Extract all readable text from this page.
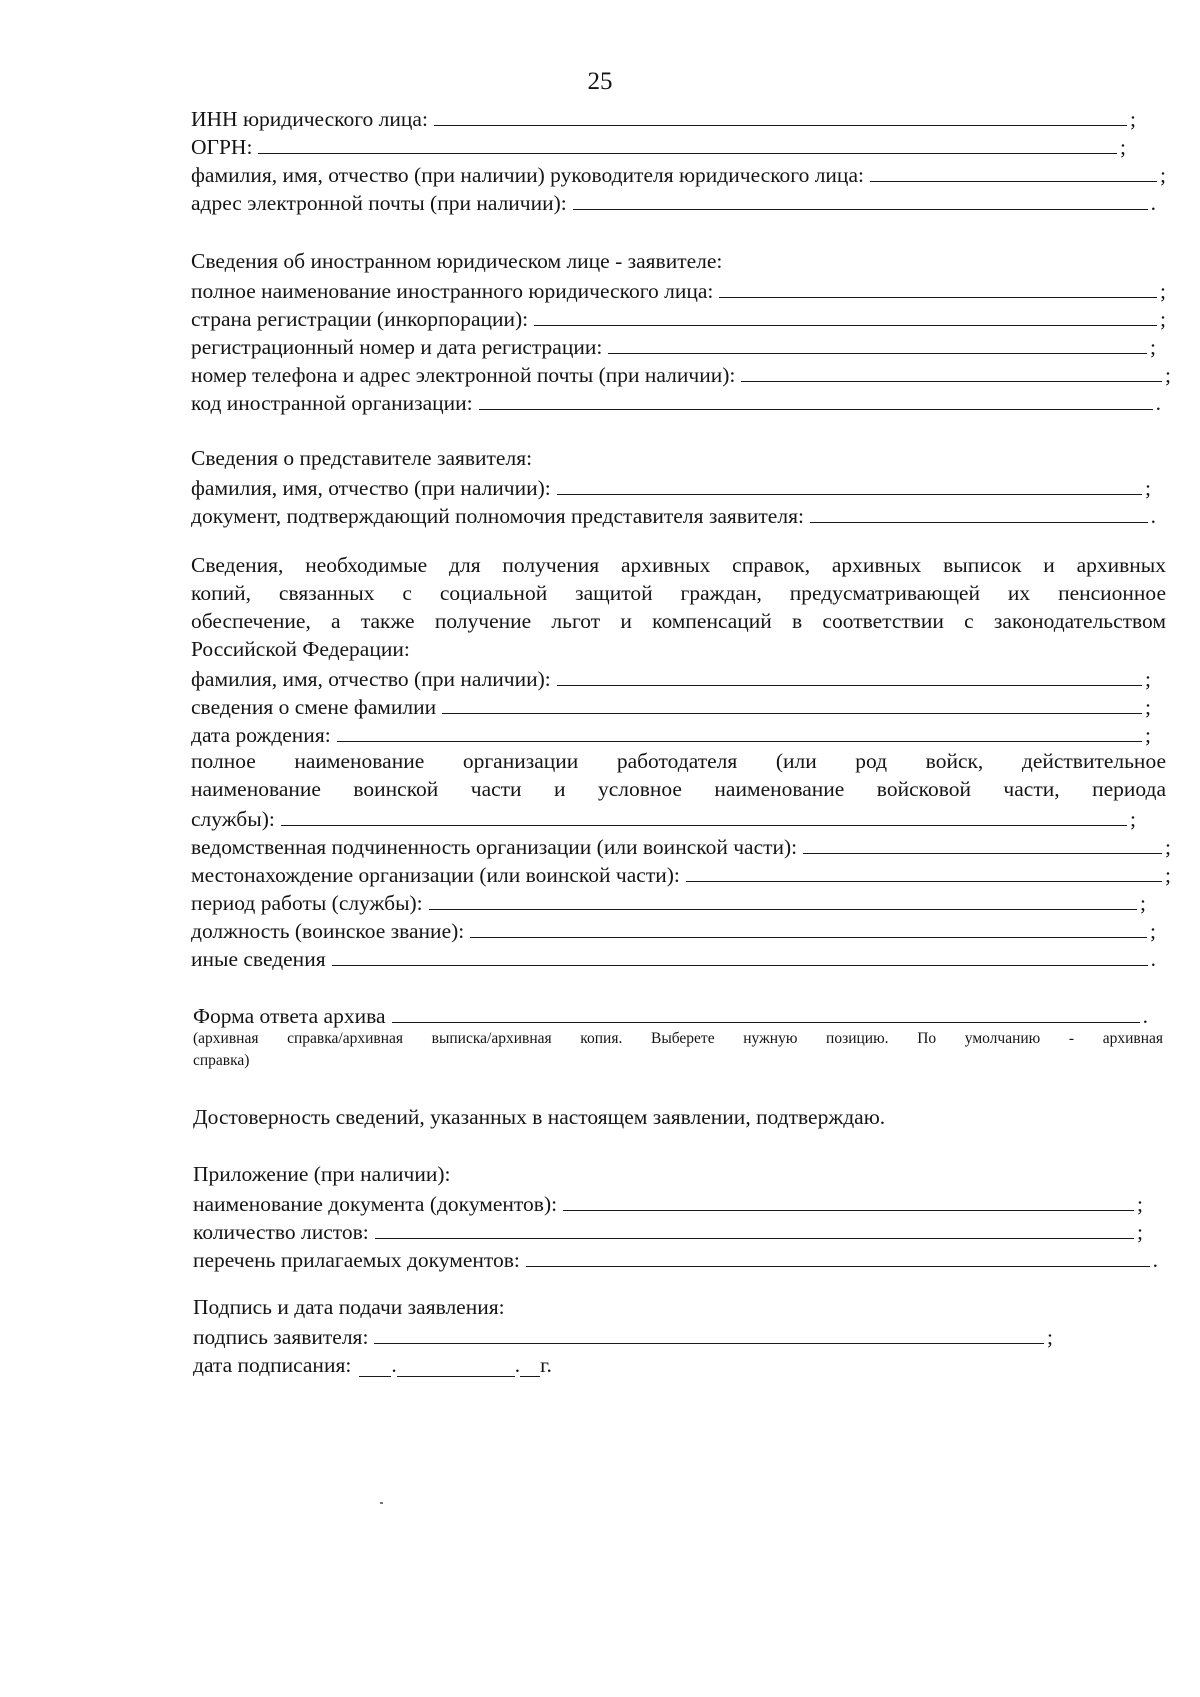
25
ИНН юридического лица:	;
ОГРН:	;
фамилия, имя, отчество (при наличии) руководителя юридического лица:	;
адрес электронной почты (при наличии):	.
Сведения об иностранном юридическом лице - заявителе:
полное наименование иностранного юридического лица:	;
страна регистрации (инкорпорации):	;
регистрационный номер и дата регистрации:	;
номер телефона и адрес электронной почты (при наличии):	;
код иностранной организации:	.
Сведения о представителе заявителя:
фамилия, имя, отчество (при наличии):	;
документ, подтверждающий полномочия представителя заявителя:	.
Сведения, необходимые для получения архивных справок, архивных выписок и архивных
копий, связанных с социальной защитой граждан, предусматривающей их пенсионное
обеспечение, а также получение льгот и компенсаций в соответствии с законодательством
Российской Федерации:
фамилия, имя, отчество (при наличии):	;
сведения о смене фамилии	;
дата рождения:	;
полное наименование организации работодателя (или род войск, действительное
наименование воинской части и условное наименование войсковой части, периода
службы):	;
ведомственная подчиненность организации (или воинской части):	;
местонахождение организации (или воинской части):	;
период работы (службы):	;
должность (воинское звание):	;
иные сведения	.
Форма ответа архива	.
(архивная справка/архивная выписка/архивная копия. Выберете нужную позицию. По умолчанию - архивная
справка)
Достоверность сведений, указанных в настоящем заявлении, подтверждаю.
Приложение (при наличии):
наименование документа (документов):	;
количество листов:	;
перечень прилагаемых документов:	.
Подпись и дата подачи заявления:
подпись заявителя:	;
дата подписания: .	. г.
